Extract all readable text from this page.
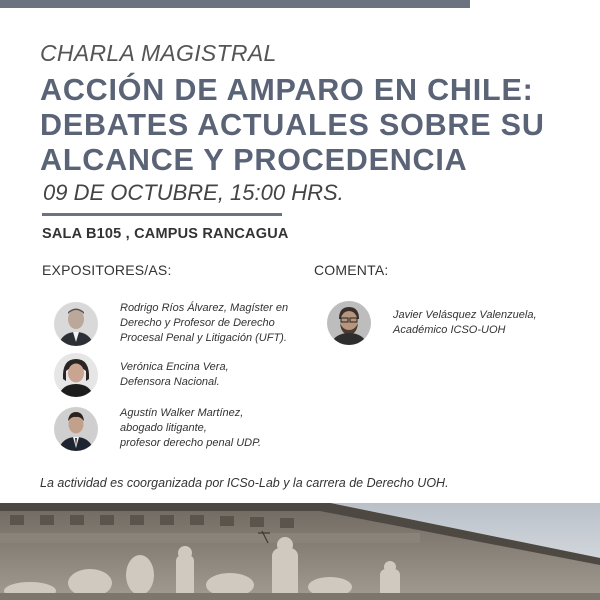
CHARLA MAGISTRAL
ACCIÓN DE AMPARO EN CHILE:
DEBATES ACTUALES SOBRE SU
ALCANCE Y PROCEDENCIA
09 DE OCTUBRE, 15:00 HRS.
SALA B105 , CAMPUS RANCAGUA
EXPOSITORES/AS:	COMENTA:
Rodrigo Ríos Álvarez, Magíster en
Derecho y Profesor de Derecho
Procesal Penal y Litigación (UFT).
Verónica Encina Vera,
Defensora Nacional.
Agustín Walker Martínez,
abogado litigante,
profesor derecho penal UDP.
Javier Velásquez Valenzuela,
Académico ICSO-UOH
La actividad es coorganizada por ICSo-Lab y la carrera de Derecho UOH.
